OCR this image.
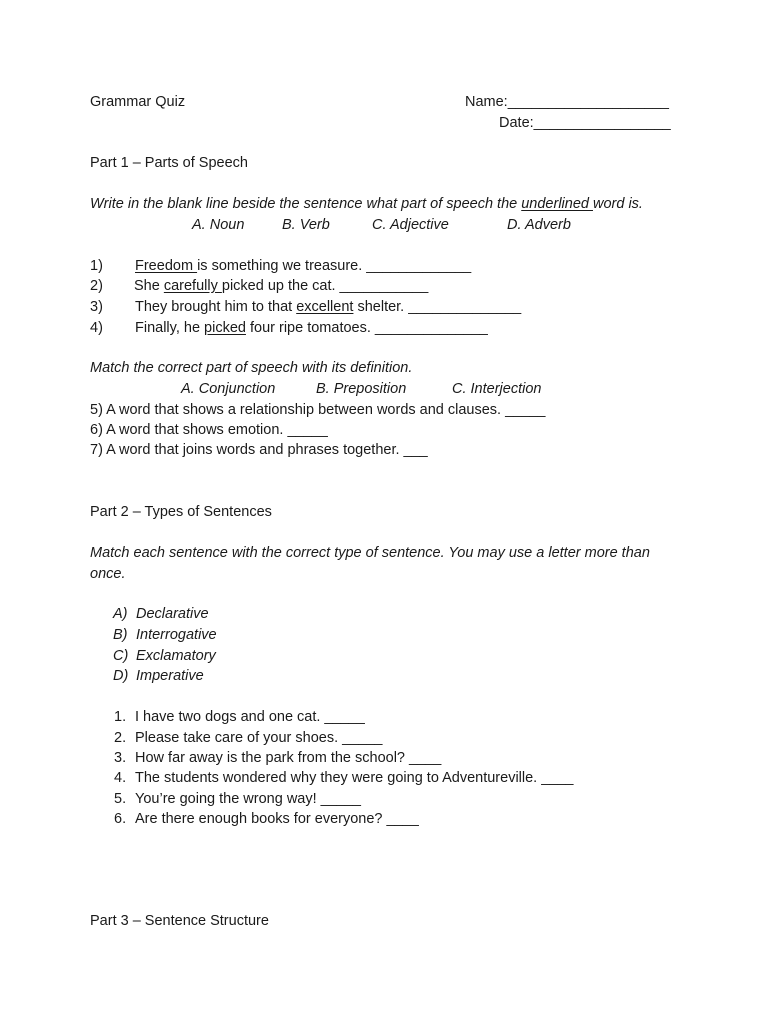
Grammar Quiz	Name:____________________
Date:_________________
Part 1 – Parts of Speech
Write in the blank line beside the sentence what part of speech the underlined word is.
A. Noun	B. Verb	C. Adjective	D. Adverb
1) Freedom is something we treasure. _____________
2) She carefully picked up the cat. ___________
3) They brought him to that excellent shelter. ______________
4) Finally, he picked four ripe tomatoes. ______________
Match the correct part of speech with its definition.
A. Conjunction	B. Preposition	C. Interjection
5) A word that shows a relationship between words and clauses. _____
6) A word that shows emotion. _____
7) A word that joins words and phrases together. ___
Part 2 – Types of Sentences
Match each sentence with the correct type of sentence. You may use a letter more than
once.
A) Declarative
B) Interrogative
C) Exclamatory
D) Imperative
1. I have two dogs and one cat. _____
2. Please take care of your shoes. _____
3. How far away is the park from the school? ____
4. The students wondered why they were going to Adventureville. ____
5. You’re going the wrong way! _____
6. Are there enough books for everyone? ____
Part 3 – Sentence Structure
